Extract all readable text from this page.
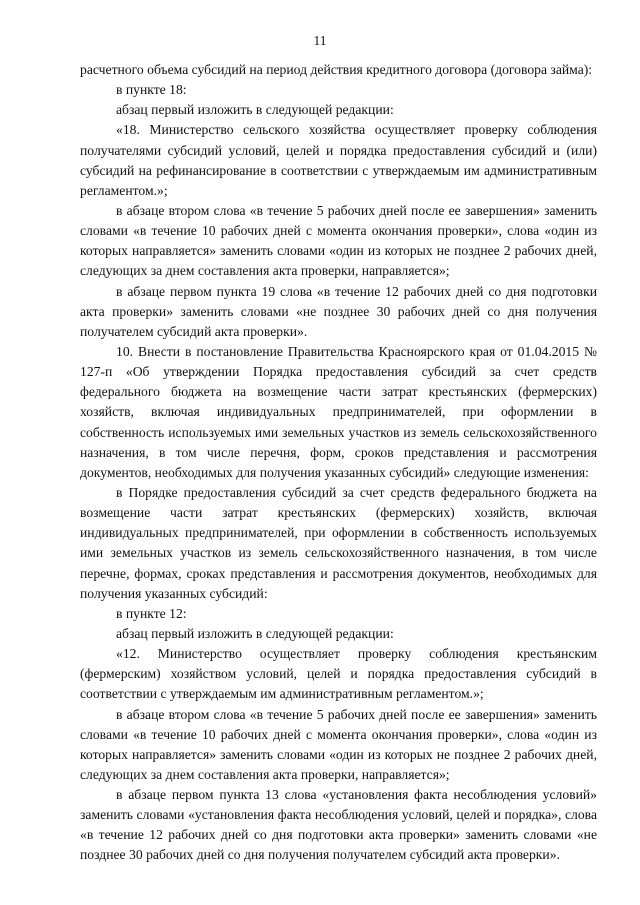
11

расчетного объема субсидий на период действия кредитного договора (договора займа):

в пункте 18:

абзац первый изложить в следующей редакции:

«18. Министерство сельского хозяйства осуществляет проверку соблюдения получателями субсидий условий, целей и порядка предоставления субсидий и (или) субсидий на рефинансирование в соответствии с утверждаемым им административным регламентом.»;

в абзаце втором слова «в течение 5 рабочих дней после ее завершения» заменить словами «в течение 10 рабочих дней с момента окончания проверки», слова «один из которых направляется» заменить словами «один из которых не позднее 2 рабочих дней, следующих за днем составления акта проверки, направляется»;

в абзаце первом пункта 19 слова «в течение 12 рабочих дней со дня подготовки акта проверки» заменить словами «не позднее 30 рабочих дней со дня получения получателем субсидий акта проверки».

10. Внести в постановление Правительства Красноярского края от 01.04.2015 № 127-п «Об утверждении Порядка предоставления субсидий за счет средств федерального бюджета на возмещение части затрат крестьянских (фермерских) хозяйств, включая индивидуальных предпринимателей, при оформлении в собственность используемых ими земельных участков из земель сельскохозяйственного назначения, в том числе перечня, форм, сроков представления и рассмотрения документов, необходимых для получения указанных субсидий» следующие изменения:

в Порядке предоставления субсидий за счет средств федерального бюджета на возмещение части затрат крестьянских (фермерских) хозяйств, включая индивидуальных предпринимателей, при оформлении в собственность используемых ими земельных участков из земель сельскохозяйственного назначения, в том числе перечне, формах, сроках представления и рассмотрения документов, необходимых для получения указанных субсидий:

в пункте 12:

абзац первый изложить в следующей редакции:

«12. Министерство осуществляет проверку соблюдения крестьянским (фермерским) хозяйством условий, целей и порядка предоставления субсидий в соответствии с утверждаемым им административным регламентом.»;

в абзаце втором слова «в течение 5 рабочих дней после ее завершения» заменить словами «в течение 10 рабочих дней с момента окончания проверки», слова «один из которых направляется» заменить словами «один из которых не позднее 2 рабочих дней, следующих за днем составления акта проверки, направляется»;

в абзаце первом пункта 13 слова «установления факта несоблюдения условий» заменить словами «установления факта несоблюдения условий, целей и порядка», слова «в течение 12 рабочих дней со дня подготовки акта проверки» заменить словами «не позднее 30 рабочих дней со дня получения получателем субсидий акта проверки».
